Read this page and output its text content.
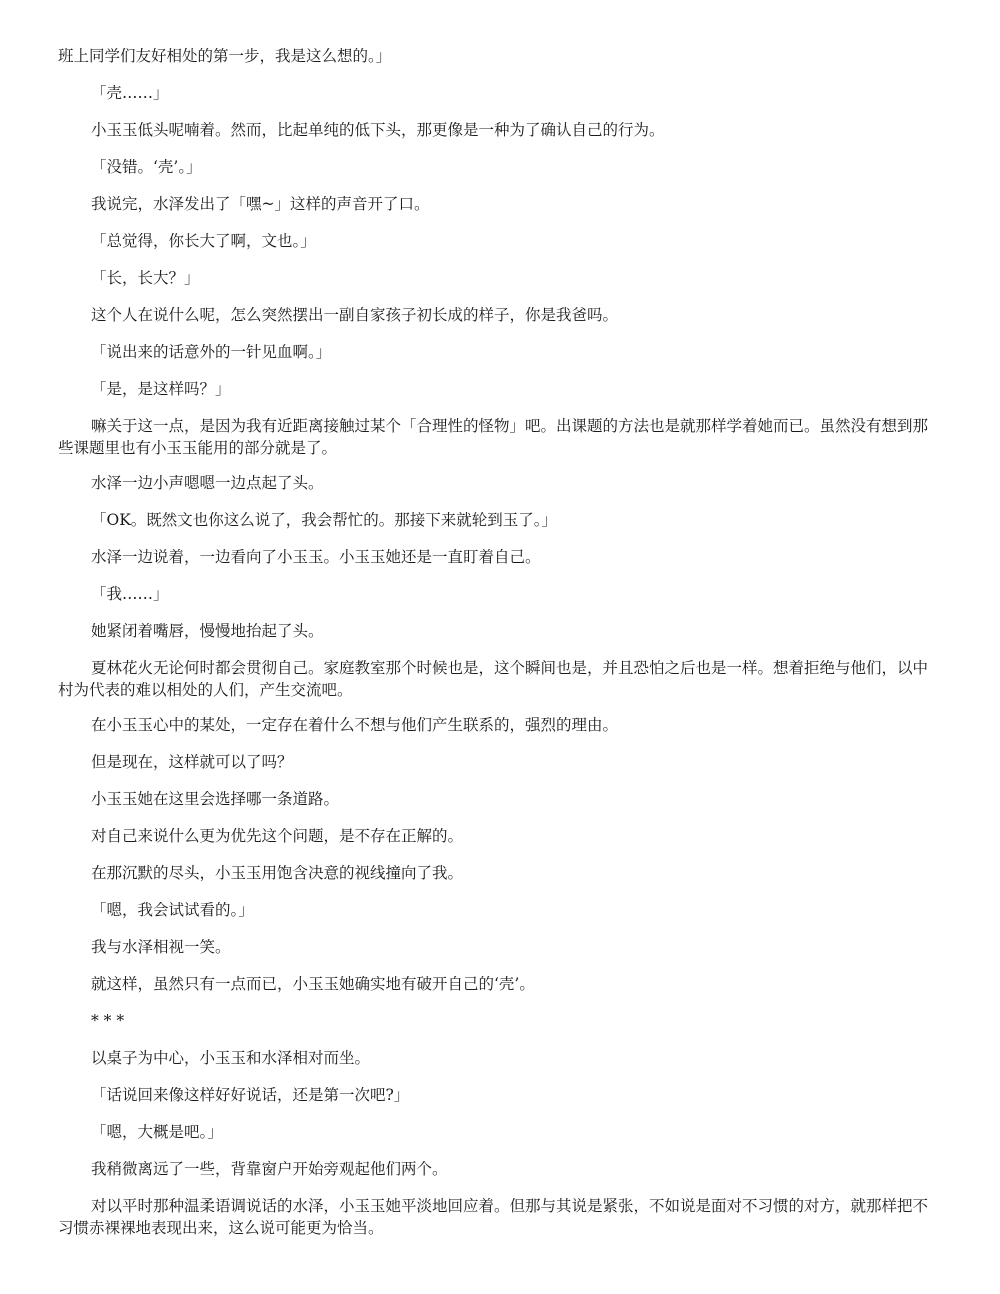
班上同学们友好相处的第一步，我是这么想的。」
「壳……」
小玉玉低头呢喃着。然而，比起单纯的低下头，那更像是一种为了确认自己的行为。
「没错。‘壳’。」
我说完，水泽发出了「嘿~」这样的声音开了口。
「总觉得，你长大了啊，文也。」
「长，长大？」
这个人在说什么呢，怎么突然摆出一副自家孩子初长成的样子，你是我爸吗。
「说出来的话意外的一针见血啊。」
「是，是这样吗？」
嘛关于这一点，是因为我有近距离接触过某个「合理性的怪物」吧。出课题的方法也是就那样学着她而已。虽然没有想到那些课题里也有小玉玉能用的部分就是了。
水泽一边小声嗯嗯一边点起了头。
「OK。既然文也你这么说了，我会帮忙的。那接下来就轮到玉了。」
水泽一边说着，一边看向了小玉玉。小玉玉她还是一直盯着自己。
「我……」
她紧闭着嘴唇，慢慢地抬起了头。
夏林花火无论何时都会贯彻自己。家庭教室那个时候也是，这个瞬间也是，并且恐怕之后也是一样。想着拒绝与他们，以中村为代表的难以相处的人们，产生交流吧。
在小玉玉心中的某处，一定存在着什么不想与他们产生联系的，强烈的理由。
但是现在，这样就可以了吗？
小玉玉她在这里会选择哪一条道路。
对自己来说什么更为优先这个问题，是不存在正解的。
在那沉默的尽头，小玉玉用饱含决意的视线撞向了我。
「嗯，我会试试看的。」
我与水泽相视一笑。
就这样，虽然只有一点而已，小玉玉她确实地有破开自己的‘壳’。
* * *
以桌子为中心，小玉玉和水泽相对而坐。
「话说回来像这样好好说话，还是第一次吧?」
「嗯，大概是吧。」
我稍微离远了一些，背靠窗户开始旁观起他们两个。
对以平时那种温柔语调说话的水泽，小玉玉她平淡地回应着。但那与其说是紧张，不如说是面对不习惯的对方，就那样把不习惯赤裸裸地表现出来，这么说可能更为恰当。
